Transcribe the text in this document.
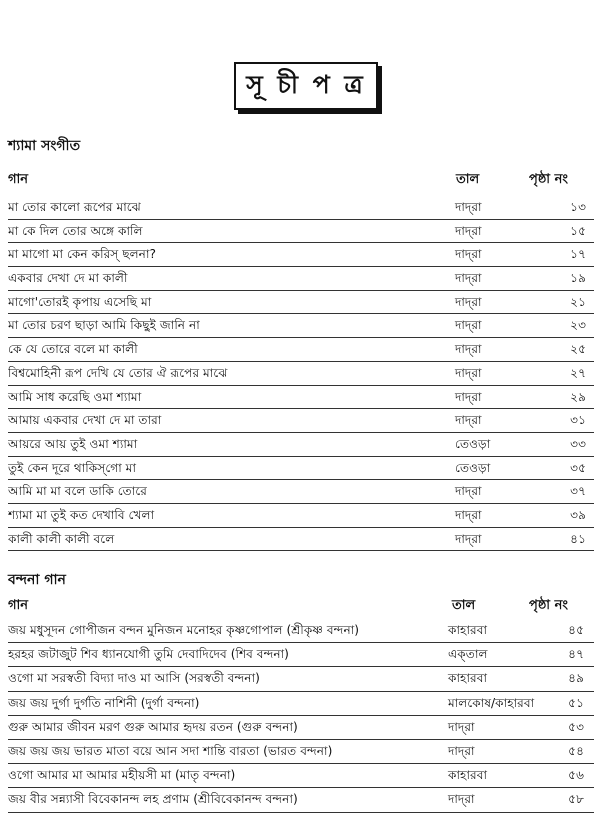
সূ চী প ত্র
শ্যামা সংগীত
গান	তাল	পৃষ্ঠা নং
মা তোর কালো রূপের মাঝে	দাদ্‌রা	১৩
মা কে দিল তোর অঙ্গে কালি	দাদ্‌রা	১৫
মা মাগো মা কেন করিস্‌ ছলনা?	দাদ্‌রা	১৭
একবার দেখা দে মা কালী	দাদ্‌রা	১৯
মাগো'তোরই কৃপায় এসেছি মা	দাদ্‌রা	২১
মা তোর চরণ ছাড়া আমি কিছুই জানি না	দাদ্‌রা	২৩
কে যে তোরে বলে মা কালী	দাদ্‌রা	২৫
বিশ্বমোহিনী রূপ দেখি যে তোর ঐ রূপের মাঝে	দাদ্‌রা	২৭
আমি সাধ করেছি ওমা শ্যামা	দাদ্‌রা	২৯
আমায় একবার দেখা দে মা তারা	দাদ্‌রা	৩১
আয়রে আয় তুই ওমা শ্যামা	তেওড়া	৩৩
তুই কেন দূরে থাকিস্‌গো মা	তেওড়া	৩৫
আমি মা মা বলে ডাকি তোরে	দাদ্‌রা	৩৭
শ্যামা মা তুই কত দেখাবি খেলা	দাদ্‌রা	৩৯
কালী কালী কালী বলে	দাদ্‌রা	৪১
বন্দনা গান
গান	তাল	পৃষ্ঠা নং
জয় মধুসূদন গোপীজন বন্দন মুনিজন মনোহর কৃষ্ণগোপাল (শ্রীকৃষ্ণ বন্দনা)	কাহারবা	৪৫
হরহর জটাজুট শিব ধ্যানযোগী তুমি দেবাদিদেব (শিব বন্দনা)	এক্‌তাল	৪৭
ওগো মা সরস্বতী বিদ্যা দাও মা আসি (সরস্বতী বন্দনা)	কাহারবা	৪৯
জয় জয় দুর্গা দুর্গতি নাশিনী (দুর্গা বন্দনা)	মালকোষ/কাহারবা	৫১
গুরু আমার জীবন মরণ গুরু আমার হৃদয় রতন (গুরু বন্দনা)	দাদ্‌রা	৫৩
জয় জয় জয় ভারত মাতা বয়ে আন সদা শান্তি বারতা (ভারত বন্দনা)	দাদ্‌রা	৫৪
ওগো আমার মা আমার মহীয়সী মা (মাতৃ বন্দনা)	কাহারবা	৫৬
জয় বীর সন্ন্যাসী বিবেকানন্দ লহ প্রণাম (শ্রীবিবেকানন্দ বন্দনা)	দাদ্‌রা	৫৮
